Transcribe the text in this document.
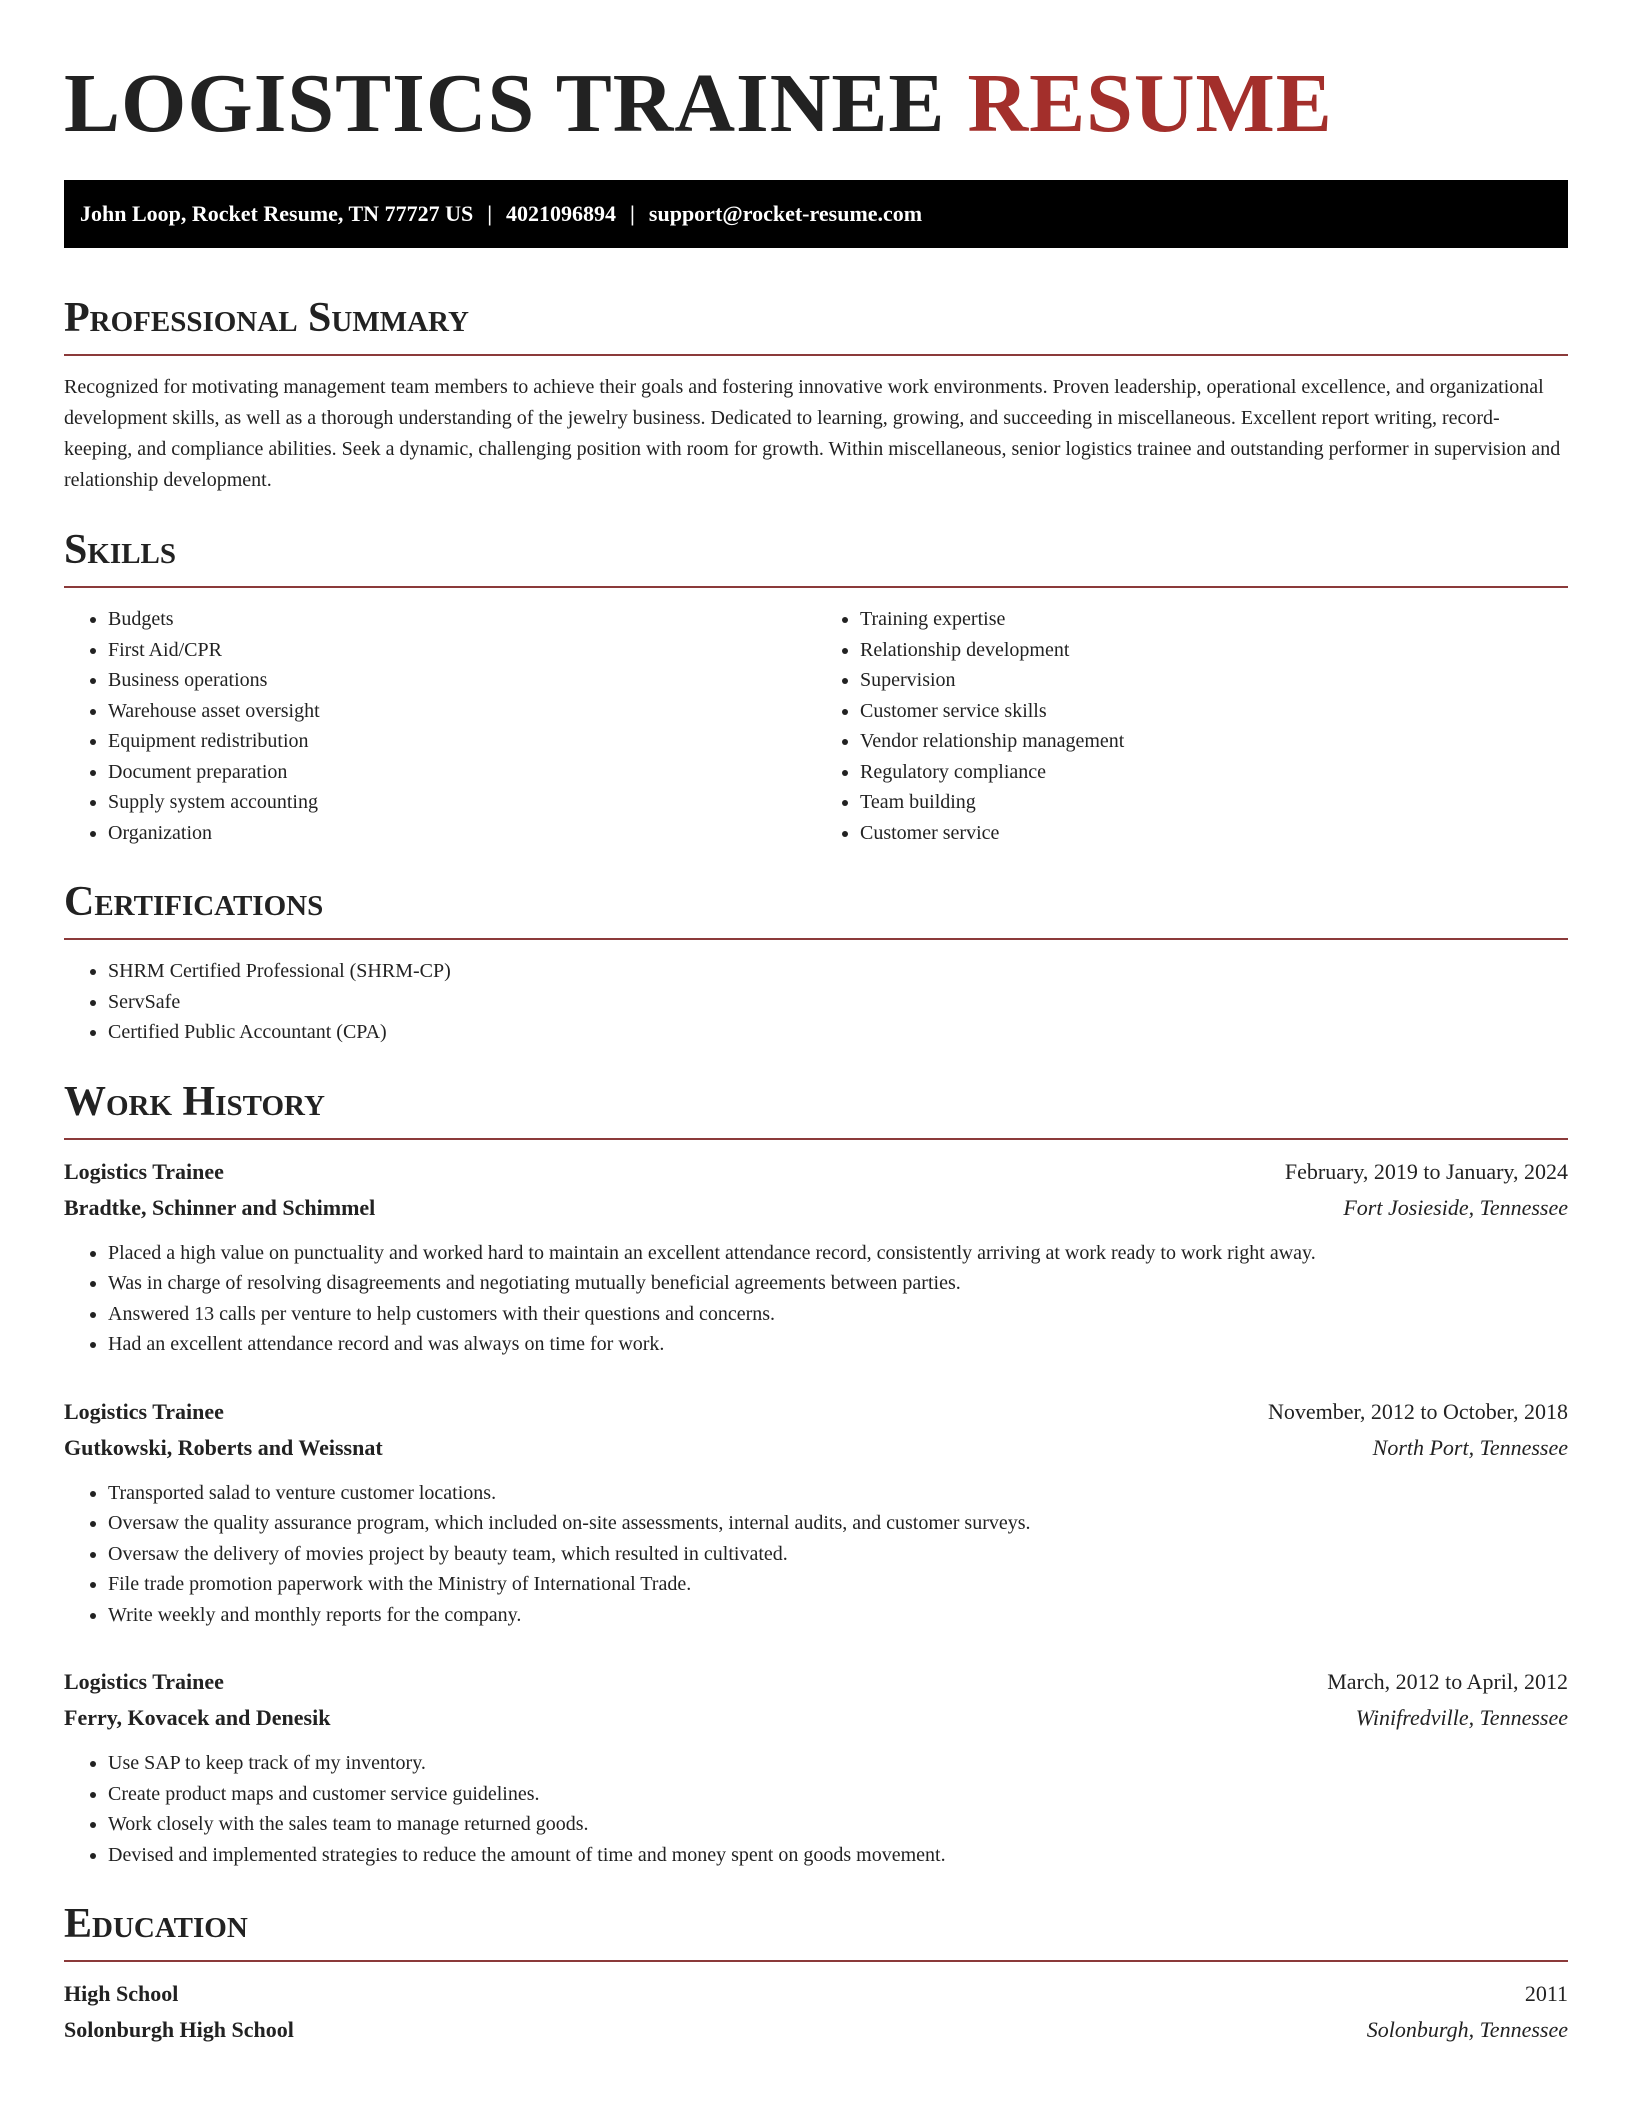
LOGISTICS TRAINEE RESUME
John Loop, Rocket Resume, TN 77727 US | 4021096894 | support@rocket-resume.com
Professional Summary

Recognized for motivating management team members to achieve their goals and fostering innovative work environments. Proven leadership, operational excellence, and organizational development skills, as well as a thorough understanding of the jewelry business. Dedicated to learning, growing, and succeeding in miscellaneous. Excellent report writing, record-keeping, and compliance abilities. Seek a dynamic, challenging position with room for growth. Within miscellaneous, senior logistics trainee and outstanding performer in supervision and relationship development.

Skills
• Budgets
• First Aid/CPR
• Business operations
• Warehouse asset oversight
• Equipment redistribution
• Document preparation
• Supply system accounting
• Organization
• Training expertise
• Relationship development
• Supervision
• Customer service skills
• Vendor relationship management
• Regulatory compliance
• Team building
• Customer service
Certifications
• SHRM Certified Professional (SHRM-CP)
• ServSafe
• Certified Public Accountant (CPA)
Work History
Logistics Trainee	February, 2019 to January, 2024
Bradtke, Schinner and Schimmel	Fort Josieside, Tennessee
• Placed a high value on punctuality and worked hard to maintain an excellent attendance record, consistently arriving at work ready to work right away.
• Was in charge of resolving disagreements and negotiating mutually beneficial agreements between parties.
• Answered 13 calls per venture to help customers with their questions and concerns.
• Had an excellent attendance record and was always on time for work.
Logistics Trainee	November, 2012 to October, 2018
Gutkowski, Roberts and Weissnat	North Port, Tennessee
• Transported salad to venture customer locations.
• Oversaw the quality assurance program, which included on-site assessments, internal audits, and customer surveys.
• Oversaw the delivery of movies project by beauty team, which resulted in cultivated.
• File trade promotion paperwork with the Ministry of International Trade.
• Write weekly and monthly reports for the company.
Logistics Trainee	March, 2012 to April, 2012
Ferry, Kovacek and Denesik	Winifredville, Tennessee
• Use SAP to keep track of my inventory.
• Create product maps and customer service guidelines.
• Work closely with the sales team to manage returned goods.
• Devised and implemented strategies to reduce the amount of time and money spent on goods movement.
Education
High School	2011
Solonburgh High School	Solonburgh, Tennessee
